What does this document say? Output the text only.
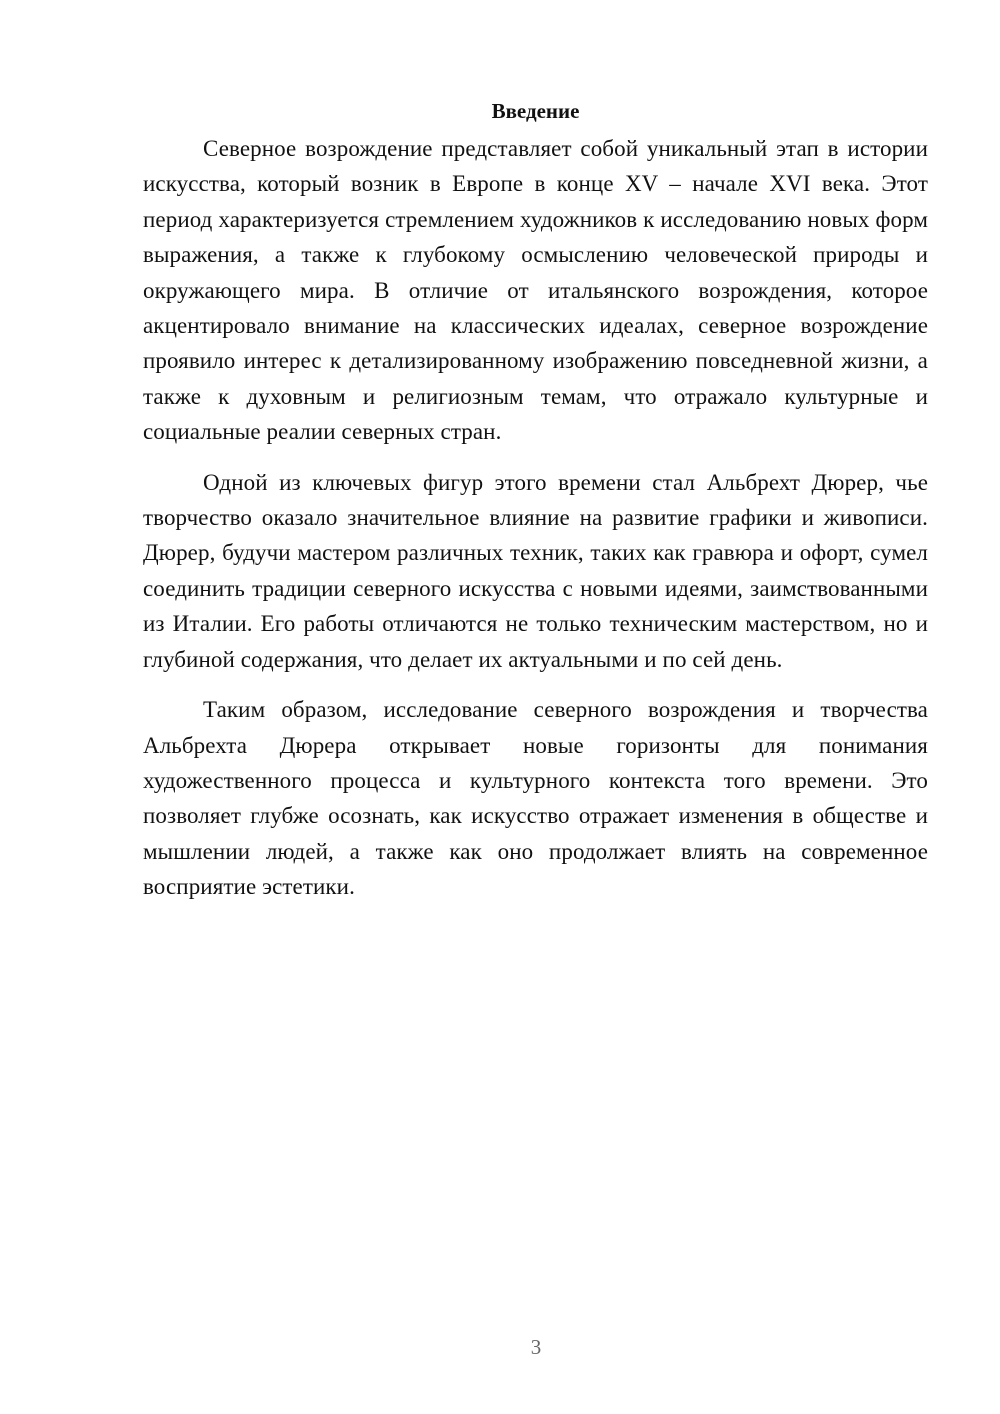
Введение

Северное возрождение представляет собой уникальный этап в истории искусства, который возник в Европе в конце XV – начале XVI века. Этот период характеризуется стремлением художников к исследованию новых форм выражения, а также к глубокому осмыслению человеческой природы и окружающего мира. В отличие от итальянского возрождения, которое акцентировало внимание на классических идеалах, северное возрождение проявило интерес к детализированному изображению повседневной жизни, а также к духовным и религиозным темам, что отражало культурные и социальные реалии северных стран.

Одной из ключевых фигур этого времени стал Альбрехт Дюрер, чье творчество оказало значительное влияние на развитие графики и живописи. Дюрер, будучи мастером различных техник, таких как гравюра и офорт, сумел соединить традиции северного искусства с новыми идеями, заимствованными из Италии. Его работы отличаются не только техническим мастерством, но и глубиной содержания, что делает их актуальными и по сей день.

Таким образом, исследование северного возрождения и творчества Альбрехта Дюрера открывает новые горизонты для понимания художественного процесса и культурного контекста того времени. Это позволяет глубже осознать, как искусство отражает изменения в обществе и мышлении людей, а также как оно продолжает влиять на современное восприятие эстетики.

3
